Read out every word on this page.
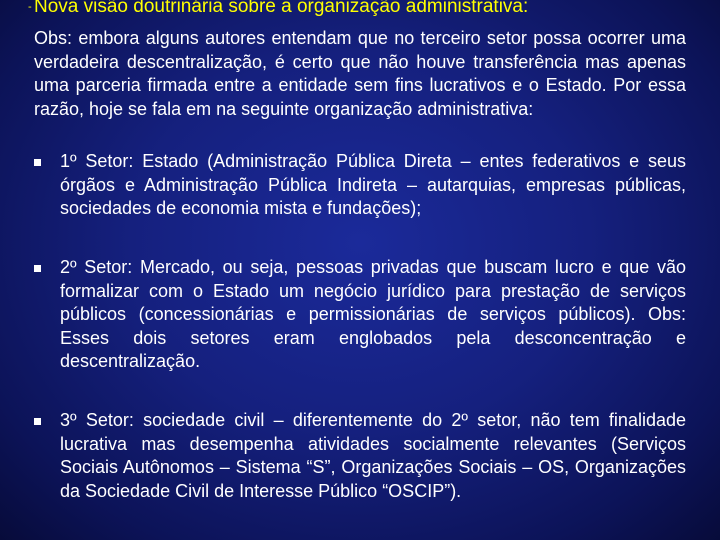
- Nova visão doutrinária sobre a organização administrativa:
Obs: embora alguns autores entendam que no terceiro setor possa ocorrer uma verdadeira descentralização, é certo que não houve transferência mas apenas uma parceria firmada entre a entidade sem fins lucrativos e o Estado. Por essa razão, hoje se fala em na seguinte organização administrativa:
1º Setor: Estado (Administração Pública Direta – entes federativos e seus órgãos e Administração Pública Indireta – autarquias, empresas públicas, sociedades de economia mista e fundações);
2º Setor: Mercado, ou seja, pessoas privadas que buscam lucro e que vão formalizar com o Estado um negócio jurídico para prestação de serviços públicos (concessionárias e permissionárias de serviços públicos). Obs: Esses dois setores eram englobados pela desconcentração e descentralização.
3º Setor: sociedade civil – diferentemente do 2º setor, não tem finalidade lucrativa mas desempenha atividades socialmente relevantes (Serviços Sociais Autônomos – Sistema “S”, Organizações Sociais – OS, Organizações da Sociedade Civil de Interesse Público “OSCIP”).
